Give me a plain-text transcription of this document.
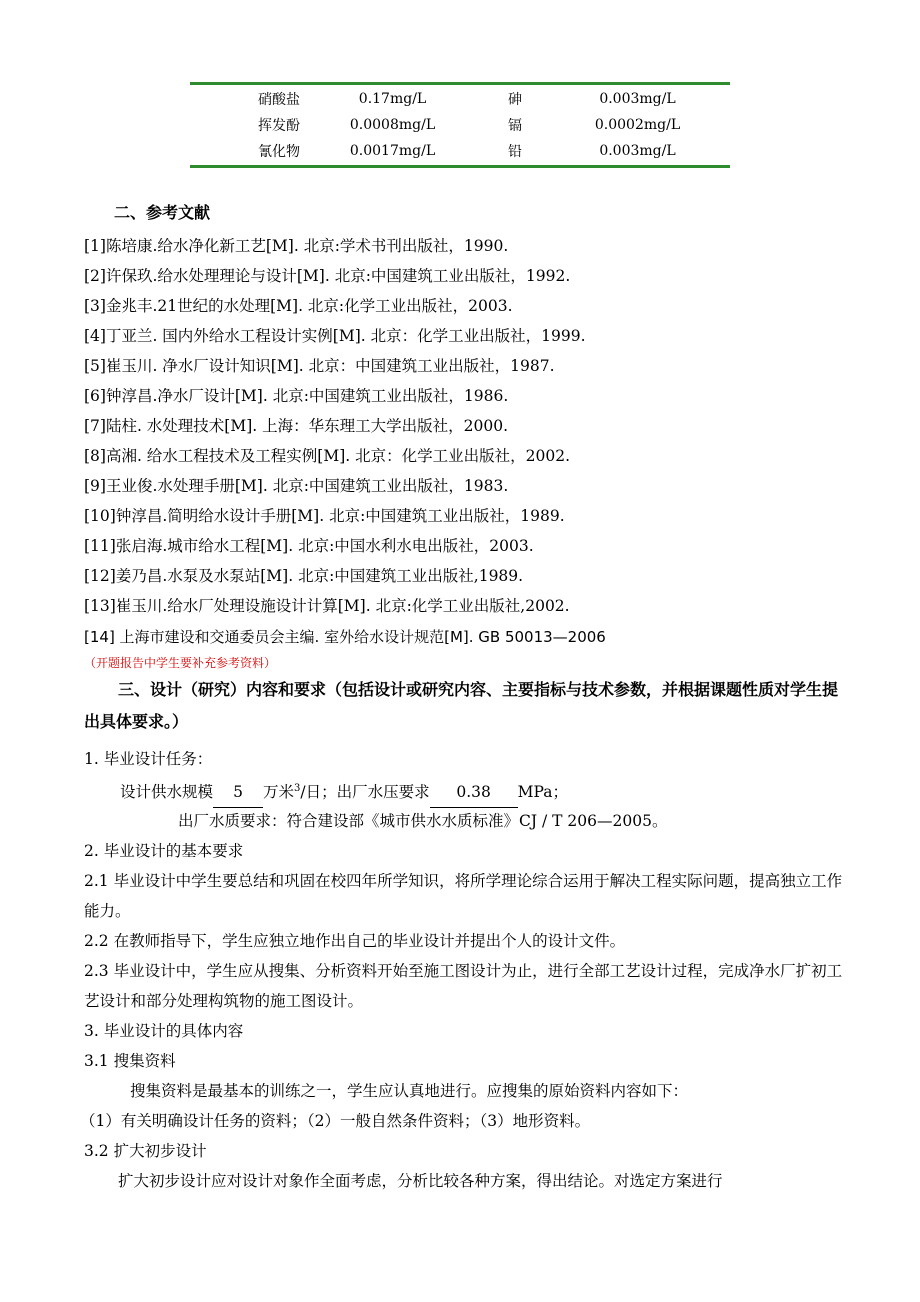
硝酸盐	0.17mg/L	砷	0.003mg/L
挥发酚	0.0008mg/L	镉	0.0002mg/L
氰化物	0.0017mg/L	铅	0.003mg/L
二、参考文献
[1]陈培康.给水净化新工艺[M]. 北京:学术书刊出版社，1990.
[2]许保玖.给水处理理论与设计[M]. 北京:中国建筑工业出版社，1992.
[3]金兆丰.21世纪的水处理[M]. 北京:化学工业出版社，2003.
[4]丁亚兰. 国内外给水工程设计实例[M]. 北京：化学工业出版社，1999.
[5]崔玉川. 净水厂设计知识[M]. 北京：中国建筑工业出版社，1987.
[6]钟淳昌.净水厂设计[M]. 北京:中国建筑工业出版社，1986.
[7]陆柱. 水处理技术[M]. 上海：华东理工大学出版社，2000.
[8]高湘. 给水工程技术及工程实例[M]. 北京：化学工业出版社，2002.
[9]王业俊.水处理手册[M]. 北京:中国建筑工业出版社，1983.
[10]钟淳昌.简明给水设计手册[M]. 北京:中国建筑工业出版社，1989.
[11]张启海.城市给水工程[M]. 北京:中国水利水电出版社，2003.
[12]姜乃昌.水泵及水泵站[M]. 北京:中国建筑工业出版社,1989.
[13]崔玉川.给水厂处理设施设计计算[M]. 北京:化学工业出版社,2002.
[14] 上海市建设和交通委员会主编. 室外给水设计规范[M]. GB 50013—2006
（开题报告中学生要补充参考资料）
三、设计（研究）内容和要求（包括设计或研究内容、主要指标与技术参数，并根据课题性质对学生提出具体要求。）
1. 毕业设计任务：
设计供水规模 5 万米$^3$/日；出厂水压要求 0.38 MPa；
出厂水质要求：符合建设部《城市供水水质标准》CJ / T 206—2005。
2. 毕业设计的基本要求
2.1 毕业设计中学生要总结和巩固在校四年所学知识，将所学理论综合运用于解决工程实际问题，提高独立工作能力。
2.2 在教师指导下，学生应独立地作出自己的毕业设计并提出个人的设计文件。
2.3 毕业设计中，学生应从搜集、分析资料开始至施工图设计为止，进行全部工艺设计过程，完成净水厂扩初工艺设计和部分处理构筑物的施工图设计。
3. 毕业设计的具体内容
3.1 搜集资料
搜集资料是最基本的训练之一，学生应认真地进行。应搜集的原始资料内容如下：
（1）有关明确设计任务的资料；（2）一般自然条件资料；（3）地形资料。
3.2 扩大初步设计
扩大初步设计应对设计对象作全面考虑，分析比较各种方案，得出结论。对选定方案进行
